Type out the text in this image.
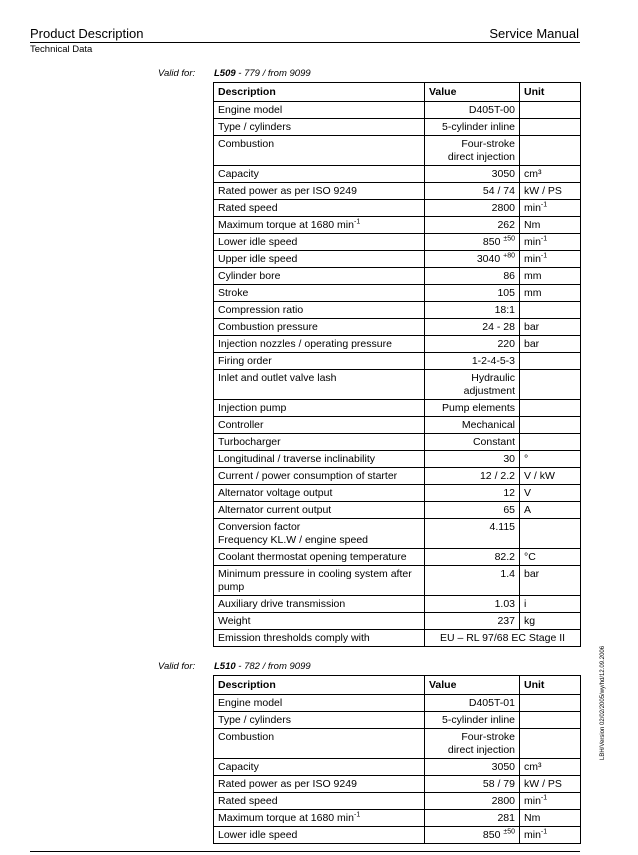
Product Description	Service Manual
Technical Data
Valid for: L509 - 779 / from 9099
Description	Value	Unit
Engine model	D405T-00	
Type / cylinders	5-cylinder inline	
Combustion	Four-stroke
direct injection	

Capacity	3050	cm³
Rated power as per ISO 9249	54 / 74	kW / PS
Rated speed	2800	$\min^{-1}$
Maximum torque at 1680 $\min^{-1}$	262	Nm
Lower idle speed	850 $^{\pm 50}$	$\min^{-1}$
Upper idle speed	3040 $^{+80}$	$\min^{-1}$
Cylinder bore	86	mm
Stroke	105	mm
Compression ratio	18:1	
Combustion pressure	24 - 28	bar
Injection nozzles / operating pressure	220	bar
Firing order	1-2-4-5-3	
Inlet and outlet valve lash	Hydraulic
adjustment	

Injection pump	Pump elements	
Controller	Mechanical	
Turbocharger	Constant	
Longitudinal / traverse inclinability	30	°
Current / power consumption of starter	12 / 2.2	V / kW
Alternator voltage output	12	V
Alternator current output	65	A
Conversion factor
Frequency KL.W / engine speed	4.115	
Coolant thermostat opening temperature	82.2	°C
Minimum pressure in cooling system after
pump	1.4	bar
Auxiliary drive transmission	1.03	i
Weight	237	kg
Emission thresholds comply with	EU – RL 97/68 EC Stage II	
Valid for: L510 - 782 / from 9099
Description	Value	Unit
Engine model	D405T-01	
Type / cylinders	5-cylinder inline	
Combustion	Four-stroke
direct injection	

Capacity	3050	cm³
Rated power as per ISO 9249	58 / 79	kW / PS
Rated speed	2800	$\min^{-1}$
Maximum torque at 1680 $\min^{-1}$	281	Nm
Lower idle speed	850 $^{\pm 50}$	$\min^{-1}$
LBH/Version 02/02/2005/wy/hd/12.09.2006
